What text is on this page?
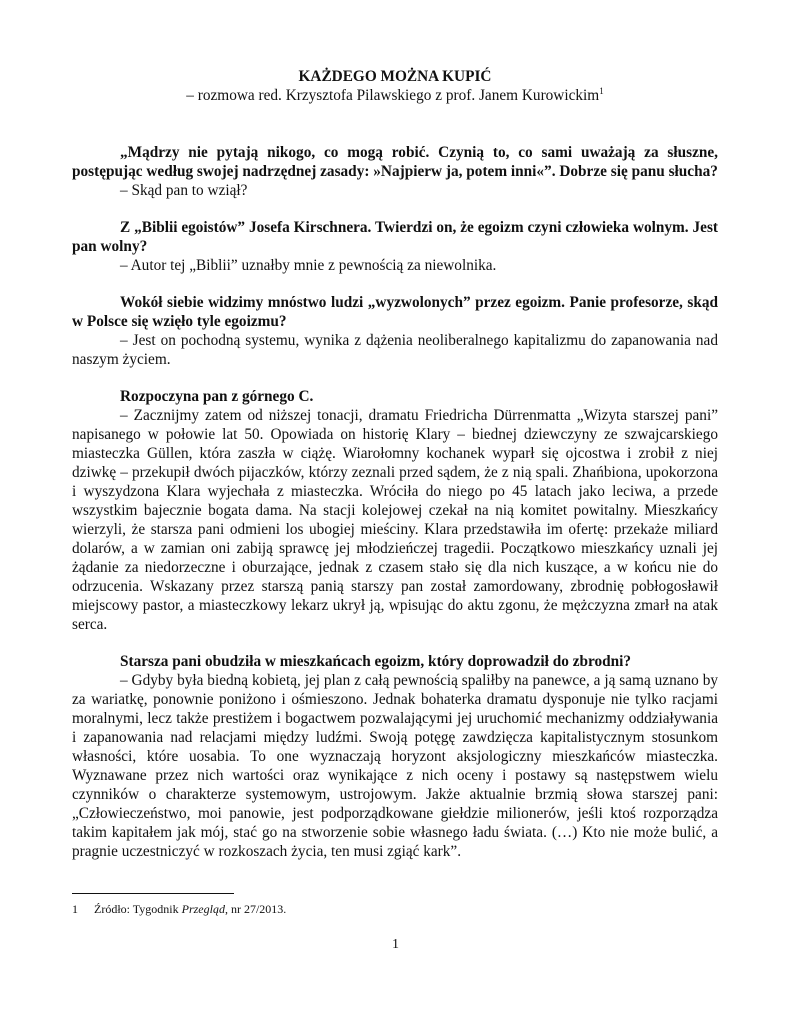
KAŻDEGO MOŻNA KUPIĆ
– rozmowa red. Krzysztofa Pilawskiego z prof. Janem Kurowickim$^1$

„Mądrzy nie pytają nikogo, co mogą robić. Czynią to, co sami uważają za słuszne, postępując według swojej nadrzędnej zasady: »Najpierw ja, potem inni«”. Dobrze się panu słucha?

– Skąd pan to wziął?

Z „Biblii egoistów” Josefa Kirschnera. Twierdzi on, że egoizm czyni człowieka wolnym. Jest pan wolny?

– Autor tej „Biblii” uznałby mnie z pewnością za niewolnika.

Wokół siebie widzimy mnóstwo ludzi „wyzwolonych” przez egoizm. Panie profesorze, skąd w Polsce się wzięło tyle egoizmu?

– Jest on pochodną systemu, wynika z dążenia neoliberalnego kapitalizmu do zapanowania nad naszym życiem.

Rozpoczyna pan z górnego C.

– Zacznijmy zatem od niższej tonacji, dramatu Friedricha Dürrenmatta „Wizyta starszej pani” napisanego w połowie lat 50. Opowiada on historię Klary – biednej dziewczyny ze szwajcarskiego miasteczka Güllen, która zaszła w ciążę. Wiarołomny kochanek wyparł się ojcostwa i zrobił z niej dziwkę – przekupił dwóch pijaczków, którzy zeznali przed sądem, że z nią spali. Zhańbiona, upokorzona i wyszydzona Klara wyjechała z miasteczka. Wróciła do niego po 45 latach jako leciwa, a przede wszystkim bajecznie bogata dama. Na stacji kolejowej czekał na nią komitet powitalny. Mieszkańcy wierzyli, że starsza pani odmieni los ubogiej mieściny. Klara przedstawiła im ofertę: przekaże miliard dolarów, a w zamian oni zabiją sprawcę jej młodzieńczej tragedii. Początkowo mieszkańcy uznali jej żądanie za niedorzeczne i oburzające, jednak z czasem stało się dla nich kuszące, a w końcu nie do odrzucenia. Wskazany przez starszą panią starszy pan został zamordowany, zbrodnię pobłogosławił miejscowy pastor, a miasteczkowy lekarz ukrył ją, wpisując do aktu zgonu, że mężczyzna zmarł na atak serca.

Starsza pani obudziła w mieszkańcach egoizm, który doprowadził do zbrodni?

– Gdyby była biedną kobietą, jej plan z całą pewnością spaliłby na panewce, a ją samą uznano by za wariatkę, ponownie poniżono i ośmieszono. Jednak bohaterka dramatu dysponuje nie tylko racjami moralnymi, lecz także prestiżem i bogactwem pozwalającymi jej uruchomić mechanizmy oddziaływania i zapanowania nad relacjami między ludźmi. Swoją potęgę zawdzięcza kapitalistycznym stosunkom własności, które uosabia. To one wyznaczają horyzont aksjologiczny mieszkańców miasteczka. Wyznawane przez nich wartości oraz wynikające z nich oceny i postawy są następstwem wielu czynników o charakterze systemowym, ustrojowym. Jakże aktualnie brzmią słowa starszej pani: „Człowieczeństwo, moi panowie, jest podporządkowane giełdzie milionerów, jeśli ktoś rozporządza takim kapitałem jak mój, stać go na stworzenie sobie własnego ładu świata. (…) Kto nie może bulić, a pragnie uczestniczyć w rozkoszach życia, ten musi zgiąć kark”.

1 Źródło: Tygodnik Przegląd, nr 27/2013.
1
